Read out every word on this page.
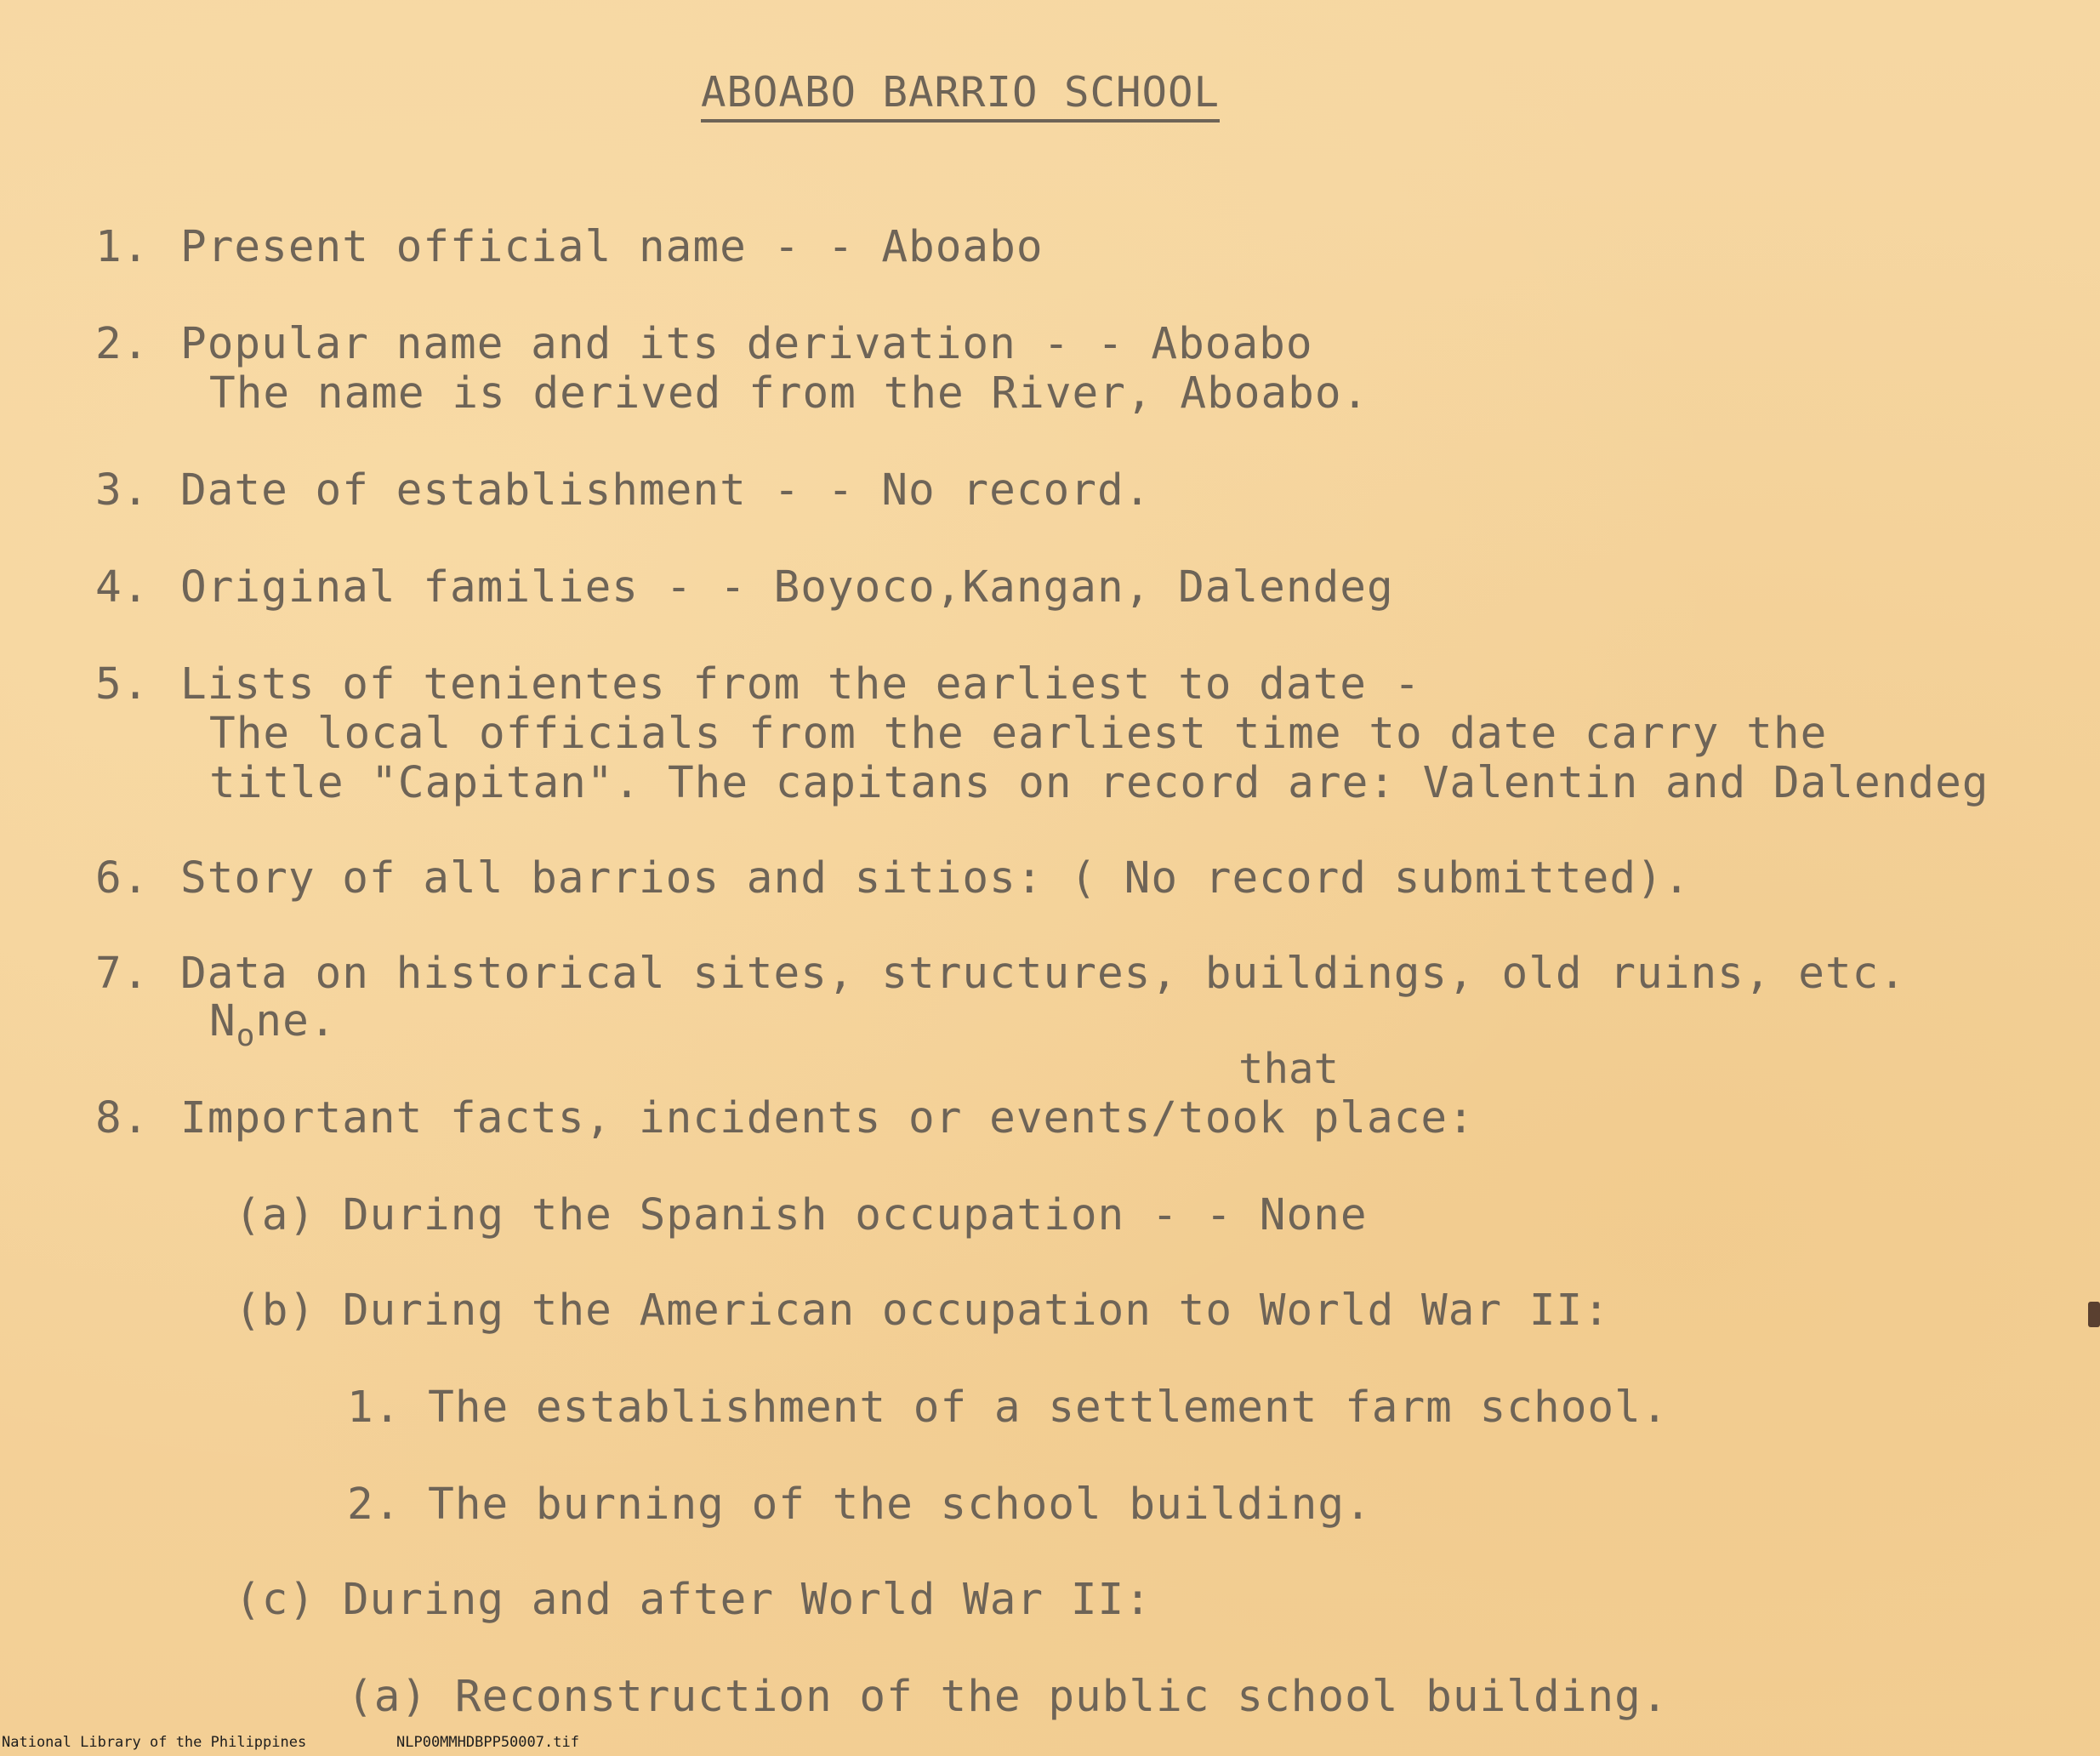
ABOABO BARRIO SCHOOL
1. Present official name - - Aboabo
2. Popular name and its derivation - - Aboabo
The name is derived from the River, Aboabo.
3. Date of establishment - - No record.
4. Original families - - Boyoco,Kangan, Dalendeg
5. Lists of tenientes from the earliest to date -
The local officials from the earliest time to date carry the
title "Capitan". The capitans on record are: Valentin and Dalendeg
6. Story of all barrios and sitios: ( No record submitted).
7. Data on historical sites, structures, buildings, old ruins, etc.
$N_one$.
that
8. Important facts, incidents or events/took place:
(a) During the Spanish occupation - - None
(b) During the American occupation to World War II:
1. The establishment of a settlement farm school.
2. The burning of the school building.
(c) During and after World War II:
(a) Reconstruction of the public school building.
National Library of the Philippines	NLP00MMHDBPP50007.tif
